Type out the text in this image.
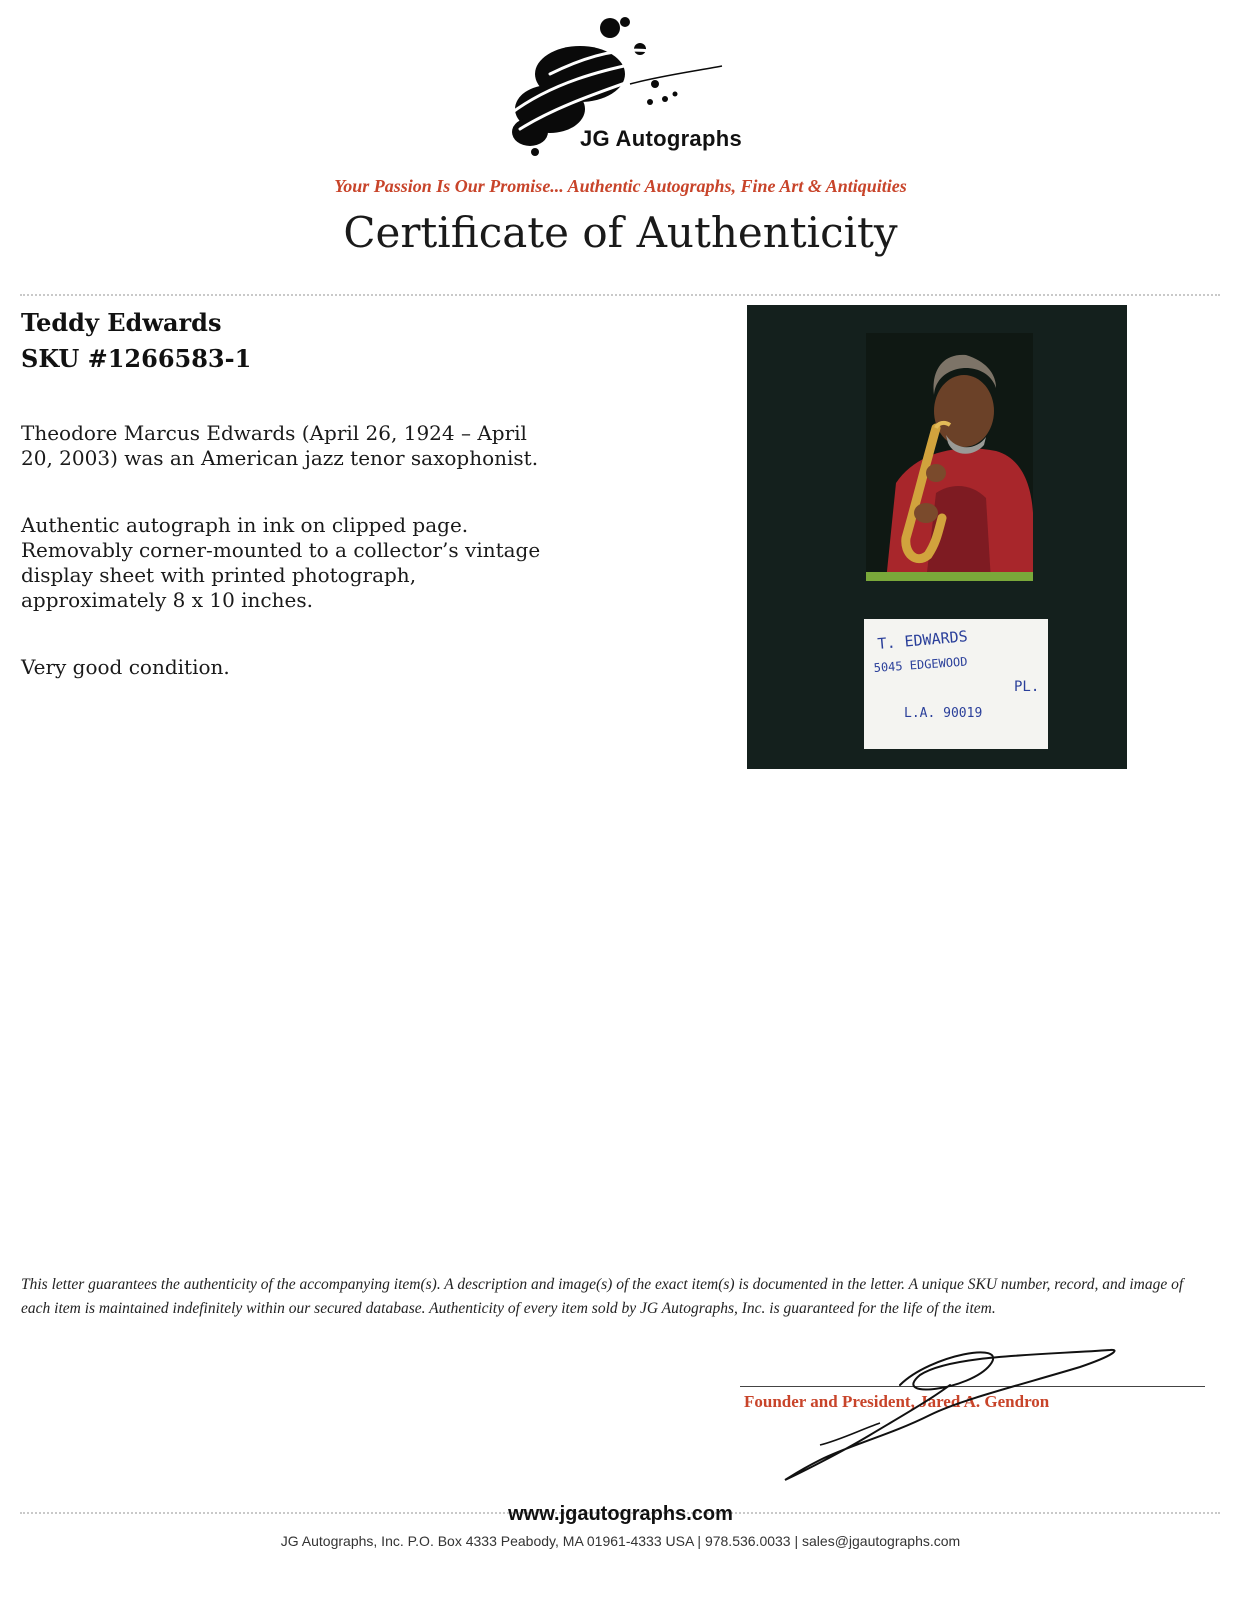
JG Autographs
Your Passion Is Our Promise... Authentic Autographs, Fine Art & Antiquities
Certificate of Authenticity
Teddy Edwards
SKU #1266583-1

Theodore Marcus Edwards (April 26, 1924 – April 20, 2003) was an American jazz tenor saxophonist.

Authentic autograph in ink on clipped page. Removably corner-mounted to a collector’s vintage display sheet with printed photograph, approximately 8 x 10 inches.

Very good condition.

T. EDWARDS
5045 EDGEWOOD
PL.
L.A. 90019

This letter guarantees the authenticity of the accompanying item(s). A description and image(s) of the exact item(s) is documented in the letter. A unique SKU number, record, and image of each item is maintained indefinitely within our secured database. Authenticity of every item sold by JG Autographs, Inc. is guaranteed for the life of the item.

Founder and President, Jared A. Gendron
www.jgautographs.com
JG Autographs, Inc. P.O. Box 4333 Peabody, MA 01961-4333 USA | 978.536.0033 | sales@jgautographs.com
